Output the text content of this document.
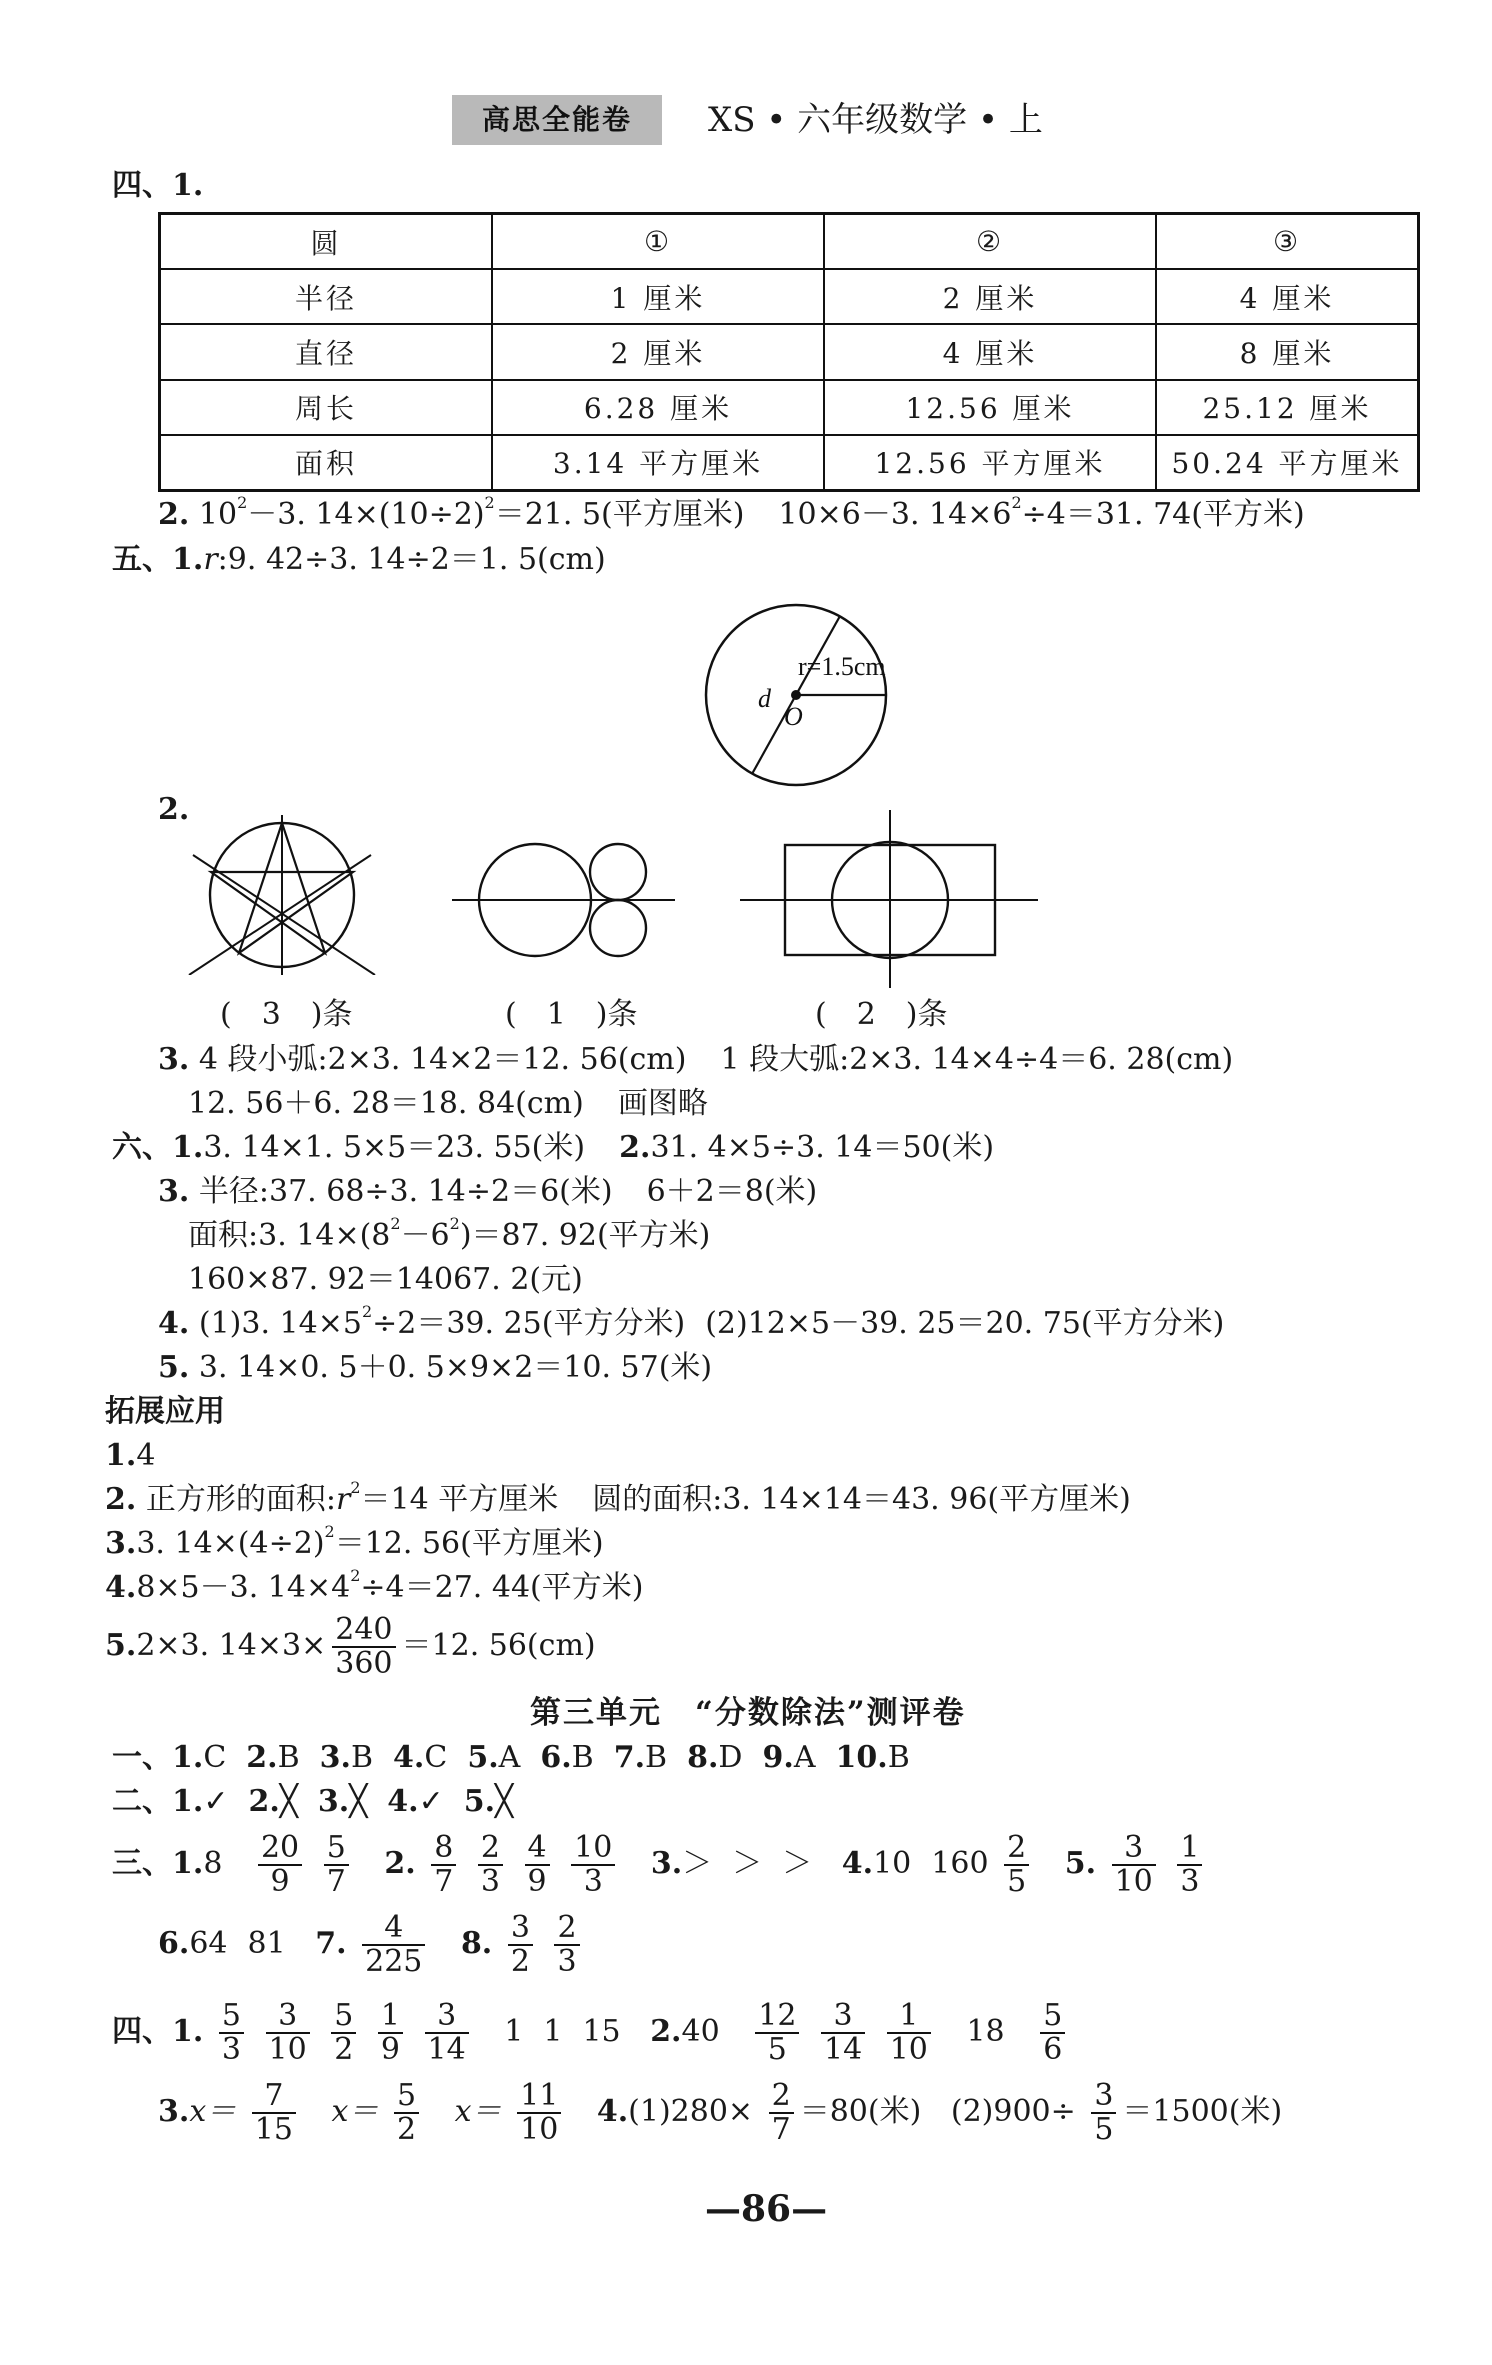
高思全能卷	XS • 六年级数学 • 上
四、1.
圆	①	②	③
半径	1 厘米	2 厘米	4 厘米
直径	2 厘米	4 厘米	8 厘米
周长	6.28 厘米	12.56 厘米	25.12 厘米
面积	3.14 平方厘米	12.56 平方厘米	50.24 平方厘米
2. $10^2-3$. $14\times(10\div 2)^2=21$. 5(平方厘米) 10×6－3. $14\times 6^2\div 4=31$. 74(平方米)
五、1.r:9. 42÷3. 14÷2＝1. 5(cm)
d
r=1.5cm
O
2.
(　3　)条	(　1　)条	(　2　)条
3. 4 段小弧:2×3. 14×2＝12. 56(cm) 1 段大弧:2×3. 14×4÷4＝6. 28(cm)
12. 56＋6. 28＝18. 84(cm) 画图略
六、1.3. 14×1. 5×5＝23. 55(米) 2.31. 4×5÷3. 14＝50(米)
3. 半径:37. 68÷3. 14÷2＝6(米) 6＋2＝8(米)
面积:3. $14\times(8^2-6^2)=87$. 92(平方米)
160×87. 92＝14067. 2(元)
4. (1)3. $14\times 5^2\div 2=39$. 25(平方分米) (2)12×5－39. 25＝20. 75(平方分米)
5. 3. 14×0. 5＋0. 5×9×2＝10. 57(米)
拓展应用
1.4
2. 正方形的面积$:r^2=14$ 平方厘米 圆的面积:3. 14×14＝43. 96(平方厘米)
3.3. $14\times(4\div 2)^2=12$. 56(平方厘米)
4.8×5－3. $14\times 4^2\div 4=27$. 44(平方米)
5.2×3. $14\times 3\times \frac{240}{360} =12$. 56(cm)
第三单元　“分数除法”测评卷
一、1.C 2.B 3.B 4.C 5.A 6.B 7.B 8.D 9.A 10.B
二、1.✓ 2.╳ 3.╳ 4.✓ 5.╳
三、$1.8 \frac{20}{9}$
$\frac{5}{7} 2$. $\frac{8}{7}$
$\frac{2}{3}$
$\frac{4}{9}$
$\frac{10}{3} 3.>$ ＞ ＞ 4.10 $160 \frac{2}{5} 5$. $\frac{3}{10}$
$\frac{1}{3}$
6.64 81 7. $\frac{4}{225} 8$. $\frac{3}{2}$
$\frac{2}{3}$
四、1. $\frac{5}{3}$
$\frac{3}{10}$
$\frac{5}{2}$
$\frac{1}{9}$
$\frac{3}{14} 1$ 1 15 $2.40 \frac{12}{5}$
$\frac{3}{14}$
$\frac{1}{10} 18 \frac{5}{6}$
$3.x= \frac{7}{15} x= \frac{5}{2} x= \frac{11}{10} 4.(1)280\times \frac{2}{7} =80$(米) $(2)900\div \frac{3}{5} =1500$(米)
—86—
